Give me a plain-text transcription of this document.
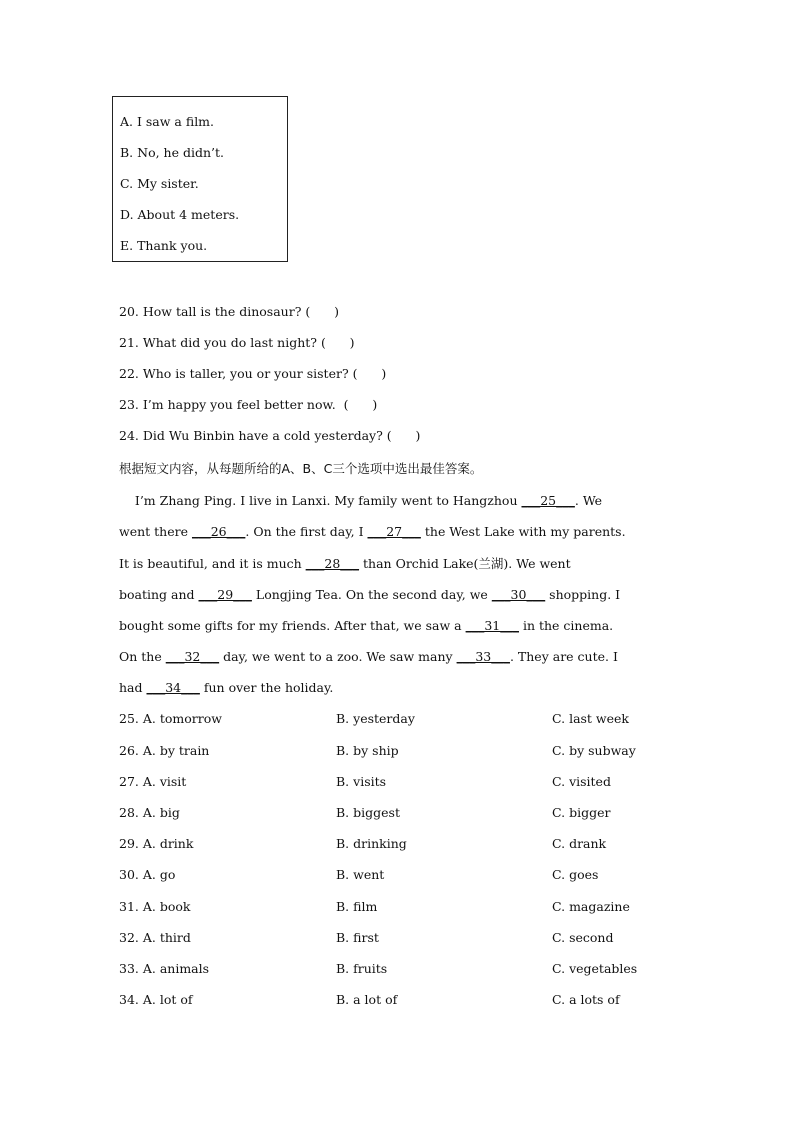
A. I saw a film.
B. No, he didn’t.
C. My sister.
D. About 4 meters.
E. Thank you.
20. How tall is the dinosaur? (      )
21. What did you do last night? (      )
22. Who is taller, you or your sister? (      )
23. I’m happy you feel better now.  (      )
24. Did Wu Binbin have a cold yesterday? (      )
根据短文内容，从每题所给的A、B、C三个选项中选出最佳答案。
I’m Zhang Ping. I live in Lanxi. My family went to Hangzhou ___25___. We
went there ___26___. On the first day, I ___27___ the West Lake with my parents.
It is beautiful, and it is much ___28___ than Orchid Lake(兰湖). We went
boating and ___29___ Longjing Tea. On the second day, we ___30___ shopping. I
bought some gifts for my friends. After that, we saw a ___31___ in the cinema.
On the ___32___ day, we went to a zoo. We saw many ___33___. They are cute. I
had ___34___ fun over the holiday.
25. A. tomorrow	B. yesterday	C. last week
26. A. by train	B. by ship	C. by subway
27. A. visit	B. visits	C. visited
28. A. big	B. biggest	C. bigger
29. A. drink	B. drinking	C. drank
30. A. go	B. went	C. goes
31. A. book	B. film	C. magazine
32. A. third	B. first	C. second
33. A. animals	B. fruits	C. vegetables
34. A. lot of	B. a lot of	C. a lots of
